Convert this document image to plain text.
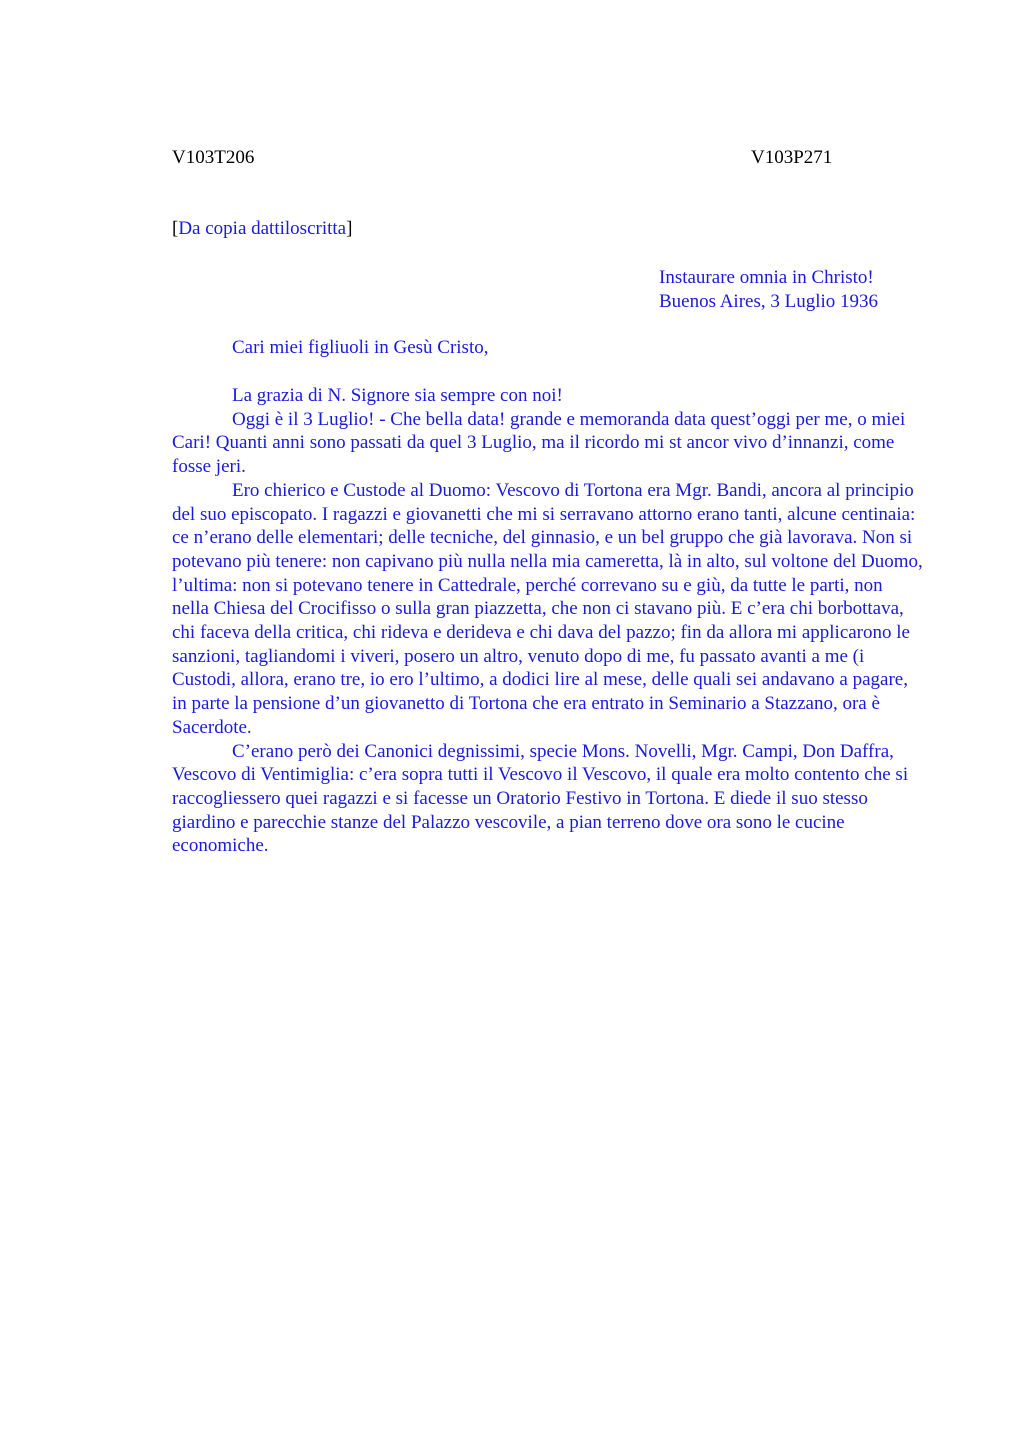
V103T206	V103P271
[Da copia dattiloscritta]
Instaurare omnia in Christo!
Buenos Aires, 3 Luglio 1936
Cari miei figliuoli in Gesù Cristo,

La grazia di N. Signore sia sempre con noi!

Oggi è il 3 Luglio! - Che bella data! grande e memoranda data quest’oggi per me, o miei Cari! Quanti anni sono passati da quel 3 Luglio, ma il ricordo mi st ancor vivo d’innanzi, come fosse jeri.

Ero chierico e Custode al Duomo: Vescovo di Tortona era Mgr. Bandi, ancora al principio del suo episcopato. I ragazzi e giovanetti che mi si serravano attorno erano tanti, alcune centinaia: ce n’erano delle elementari; delle tecniche, del ginnasio, e un bel gruppo che già lavorava. Non si potevano più tenere: non capivano più nulla nella mia cameretta, là in alto, sul voltone del Duomo, l’ultima: non si potevano tenere in Cattedrale, perché correvano su e giù, da tutte le parti, non nella Chiesa del Crocifisso o sulla gran piazzetta, che non ci stavano più. E c’era chi borbottava, chi faceva della critica, chi rideva e derideva e chi dava del pazzo; fin da allora mi applicarono le sanzioni, tagliandomi i viveri, posero un altro, venuto dopo di me, fu passato avanti a me (i Custodi, allora, erano tre, io ero l’ultimo, a dodici lire al mese, delle quali sei andavano a pagare, in parte la pensione d’un giovanetto di Tortona che era entrato in Seminario a Stazzano, ora è Sacerdote.

C’erano però dei Canonici degnissimi, specie Mons. Novelli, Mgr. Campi, Don Daffra, Vescovo di Ventimiglia: c’era sopra tutti il Vescovo il Vescovo, il quale era molto contento che si raccogliessero quei ragazzi e si facesse un Oratorio Festivo in Tortona. E diede il suo stesso giardino e parecchie stanze del Palazzo vescovile, a pian terreno dove ora sono le cucine economiche.
